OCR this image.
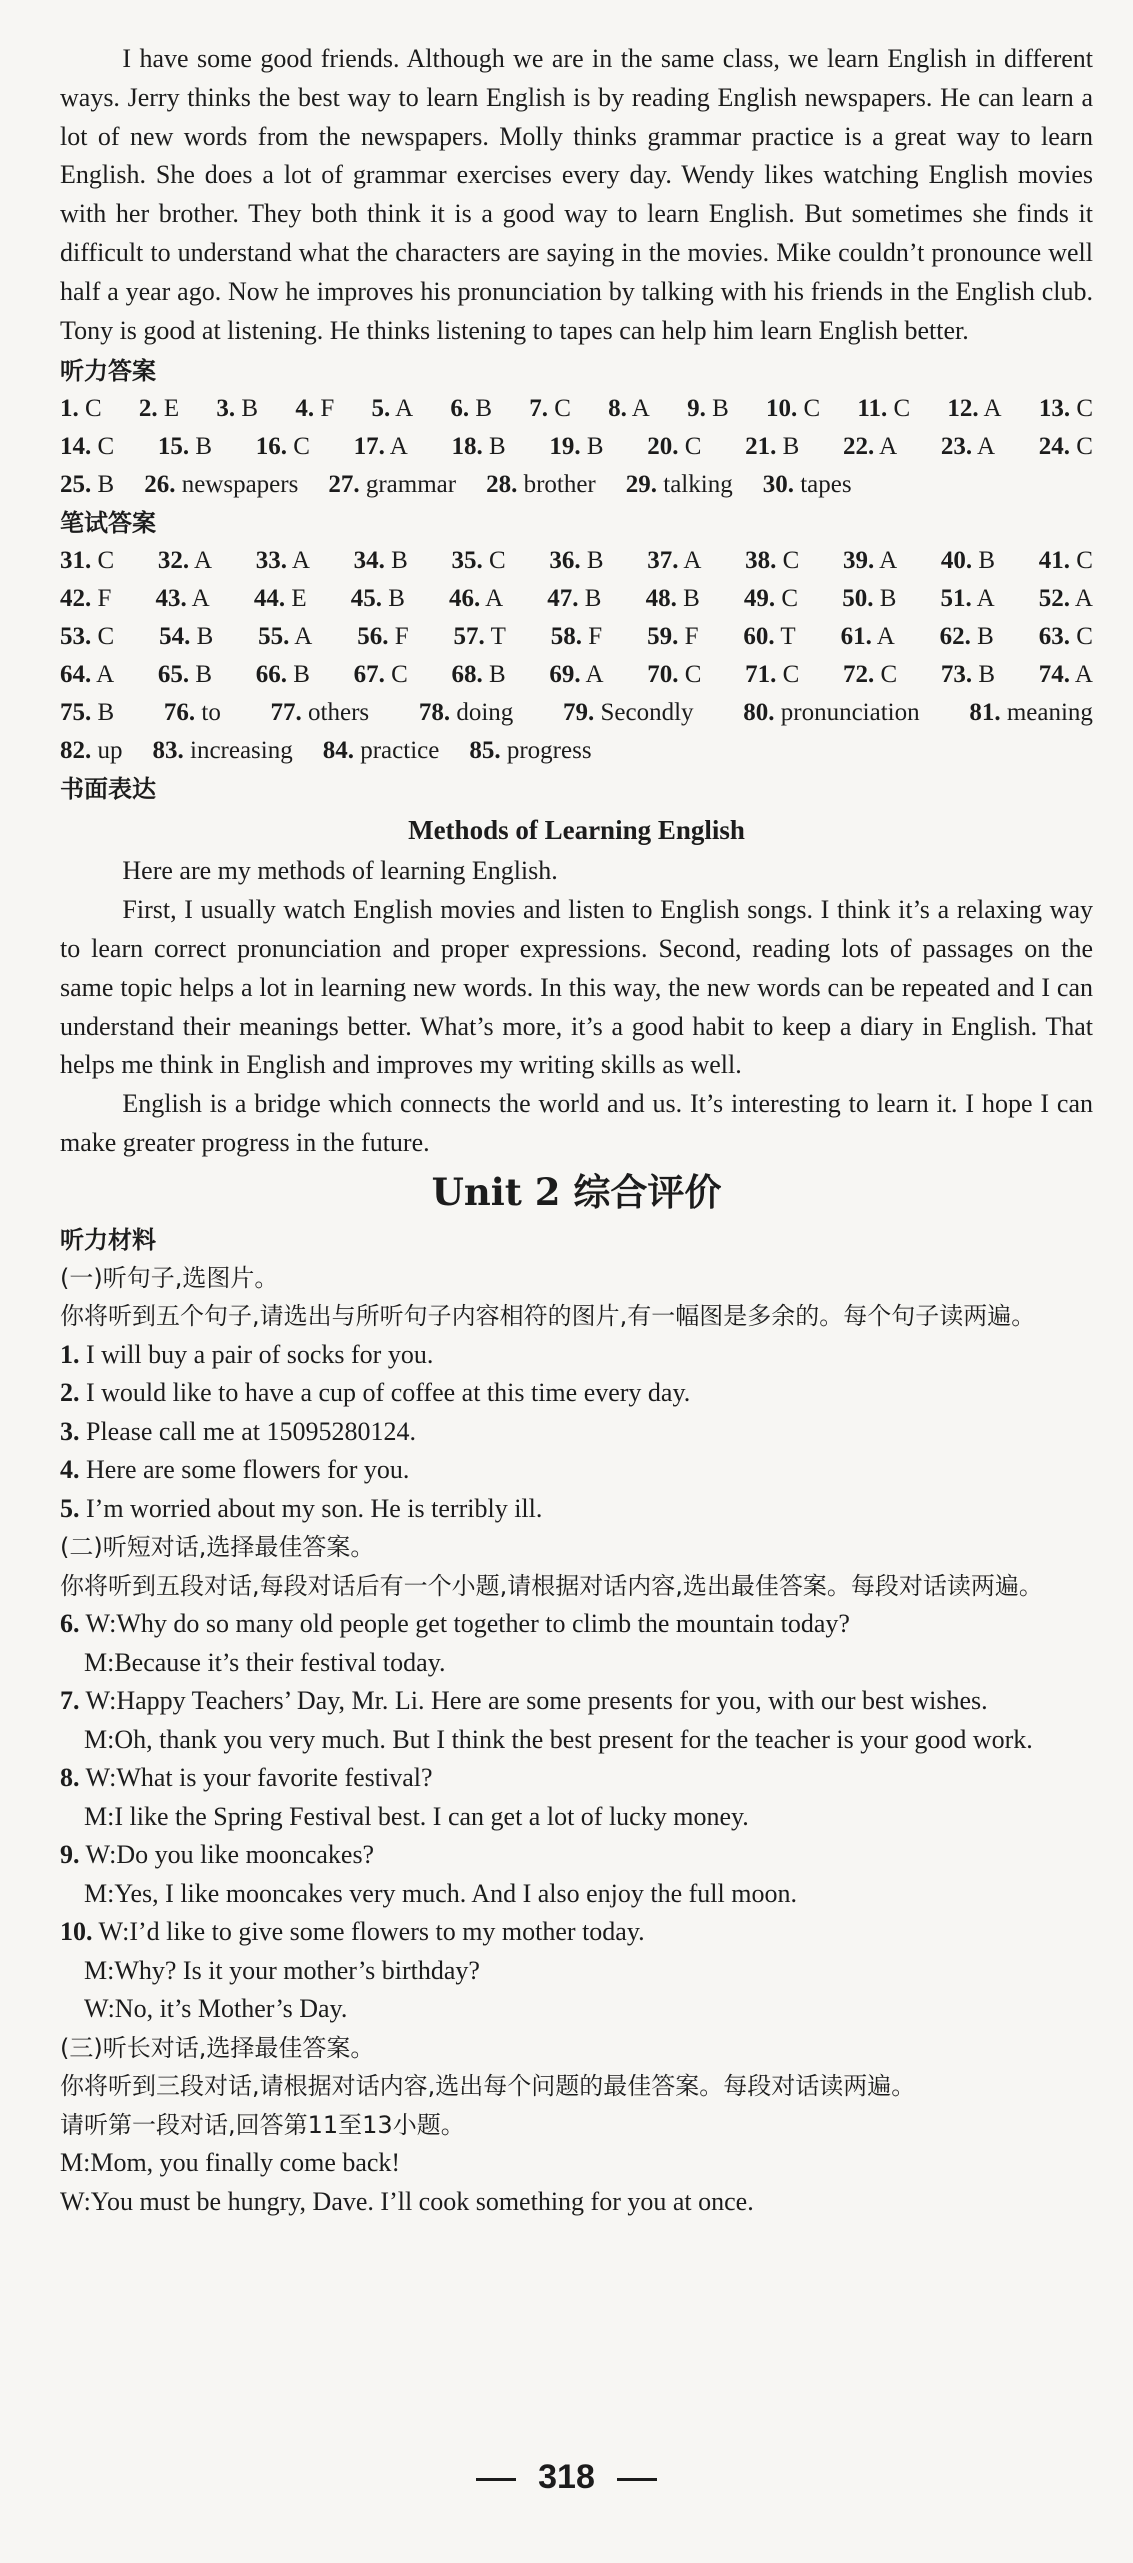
I have some good friends. Although we are in the same class, we learn English in different ways. Jerry thinks the best way to learn English is by reading English newspapers. He can learn a lot of new words from the newspapers. Molly thinks grammar practice is a great way to learn English. She does a lot of grammar exercises every day. Wendy likes watching English movies with her brother. They both think it is a good way to learn English. But sometimes she finds it difficult to understand what the characters are saying in the movies. Mike couldn’t pronounce well half a year ago. Now he improves his pronunciation by talking with his friends in the English club. Tony is good at listening. He thinks listening to tapes can help him learn English better.

听力答案

1. C 2. E 3. B 4. F 5. A 6. B 7. C 8. A 9. B 10. C 11. C 12. A 13. C
14. C 15. B 16. C 17. A 18. B 19. B 20. C 21. B 22. A 23. A 24. C
25. B 26. newspapers 27. grammar 28. brother 29. talking 30. tapes

笔试答案

31. C 32. A 33. A 34. B 35. C 36. B 37. A 38. C 39. A 40. B 41. C
42. F 43. A 44. E 45. B 46. A 47. B 48. B 49. C 50. B 51. A 52. A
53. C 54. B 55. A 56. F 57. T 58. F 59. F 60. T 61. A 62. B 63. C
64. A 65. B 66. B 67. C 68. B 69. A 70. C 71. C 72. C 73. B 74. A
75. B 76. to 77. others 78. doing 79. Secondly 80. pronunciation 81. meaning
82. up 83. increasing 84. practice 85. progress

书面表达

Methods of Learning English

Here are my methods of learning English.

First, I usually watch English movies and listen to English songs. I think it’s a relaxing way to learn correct pronunciation and proper expressions. Second, reading lots of passages on the same topic helps a lot in learning new words. In this way, the new words can be repeated and I can understand their meanings better. What’s more, it’s a good habit to keep a diary in English. That helps me think in English and improves my writing skills as well.

English is a bridge which connects the world and us. It’s interesting to learn it. I hope I can make greater progress in the future.

Unit 2 综合评价

听力材料

(一)听句子,选图片。

你将听到五个句子,请选出与所听句子内容相符的图片,有一幅图是多余的。每个句子读两遍。

1. I will buy a pair of socks for you.

2. I would like to have a cup of coffee at this time every day.

3. Please call me at 15095280124.

4. Here are some flowers for you.

5. I’m worried about my son. He is terribly ill.

(二)听短对话,选择最佳答案。

你将听到五段对话,每段对话后有一个小题,请根据对话内容,选出最佳答案。每段对话读两遍。

6. W:Why do so many old people get together to climb the mountain today?

M:Because it’s their festival today.

7. W:Happy Teachers’ Day, Mr. Li. Here are some presents for you, with our best wishes.

M:Oh, thank you very much. But I think the best present for the teacher is your good work.

8. W:What is your favorite festival?

M:I like the Spring Festival best. I can get a lot of lucky money.

9. W:Do you like mooncakes?

M:Yes, I like mooncakes very much. And I also enjoy the full moon.

10. W:I’d like to give some flowers to my mother today.

M:Why? Is it your mother’s birthday?

W:No, it’s Mother’s Day.

(三)听长对话,选择最佳答案。

你将听到三段对话,请根据对话内容,选出每个问题的最佳答案。每段对话读两遍。

请听第一段对话,回答第11至13小题。

M:Mom, you finally come back!

W:You must be hungry, Dave. I’ll cook something for you at once.

318
